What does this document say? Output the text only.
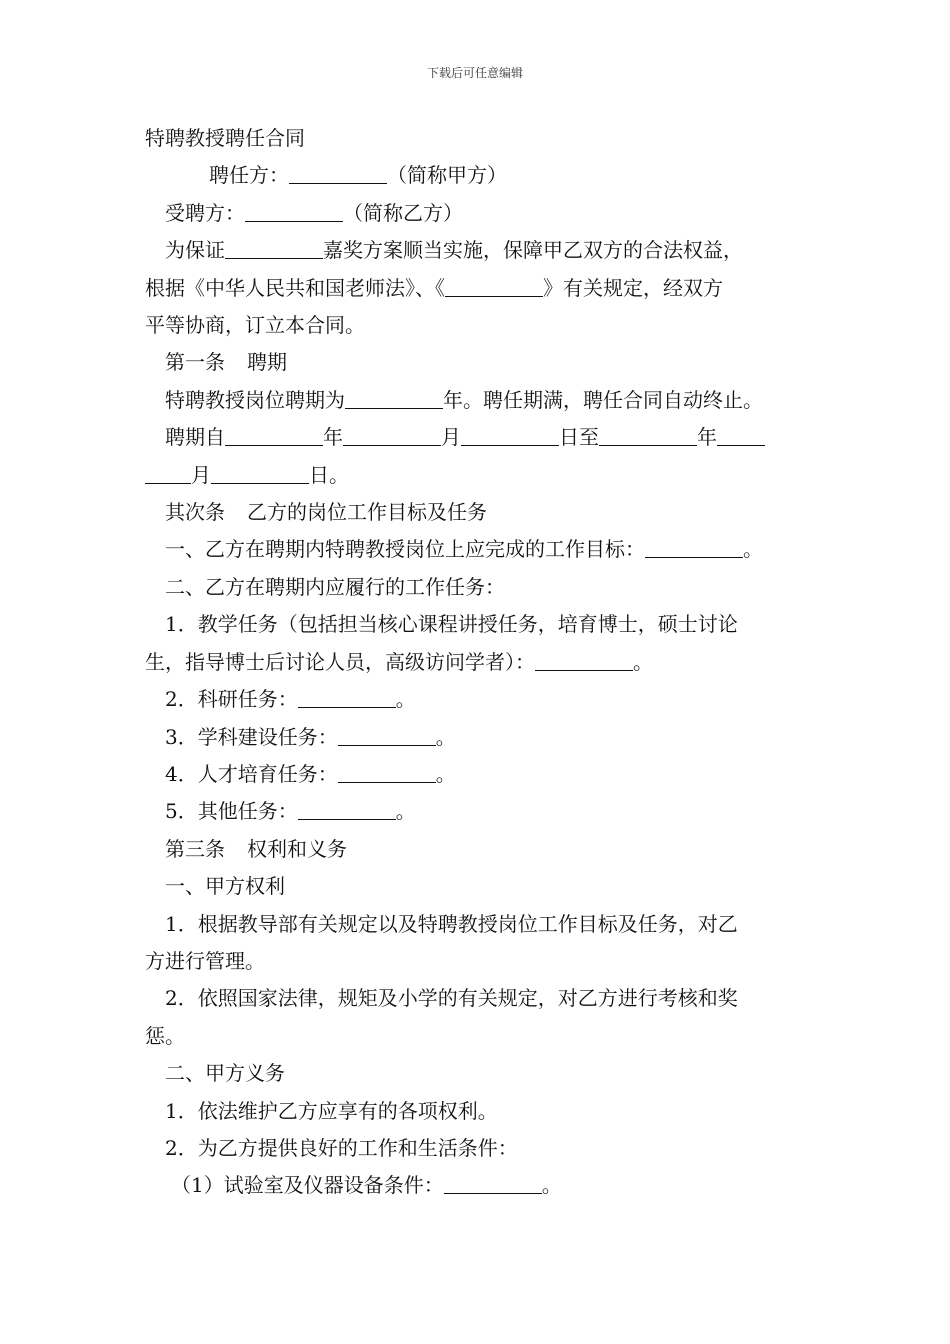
下载后可任意编辑
特聘教授聘任合同
聘任方：	（简称甲方）
受聘方：	（简称乙方）
为保证	嘉奖方案顺当实施，保障甲乙双方的合法权益，
根据《中华人民共和国老师法》、《	》有关规定，经双方
平等协商，订立本合同。
第一条 聘期
特聘教授岗位聘期为	年。聘任期满，聘任合同自动终止。
聘期自	年	月	日至	年
月	日。
其次条 乙方的岗位工作目标及任务
一、乙方在聘期内特聘教授岗位上应完成的工作目标：	。
二、乙方在聘期内应履行的工作任务：
1．教学任务（包括担当核心课程讲授任务，培育博士，硕士讨论
生，指导博士后讨论人员，高级访问学者）：	。
2．科研任务：	。
3．学科建设任务：	。
4．人才培育任务：	。
5．其他任务：	。
第三条 权利和义务
一、甲方权利
1．根据教导部有关规定以及特聘教授岗位工作目标及任务，对乙
方进行管理。
2．依照国家法律，规矩及小学的有关规定，对乙方进行考核和奖
惩。
二、甲方义务
1．依法维护乙方应享有的各项权利。
2．为乙方提供良好的工作和生活条件：
（1）试验室及仪器设备条件：	。
